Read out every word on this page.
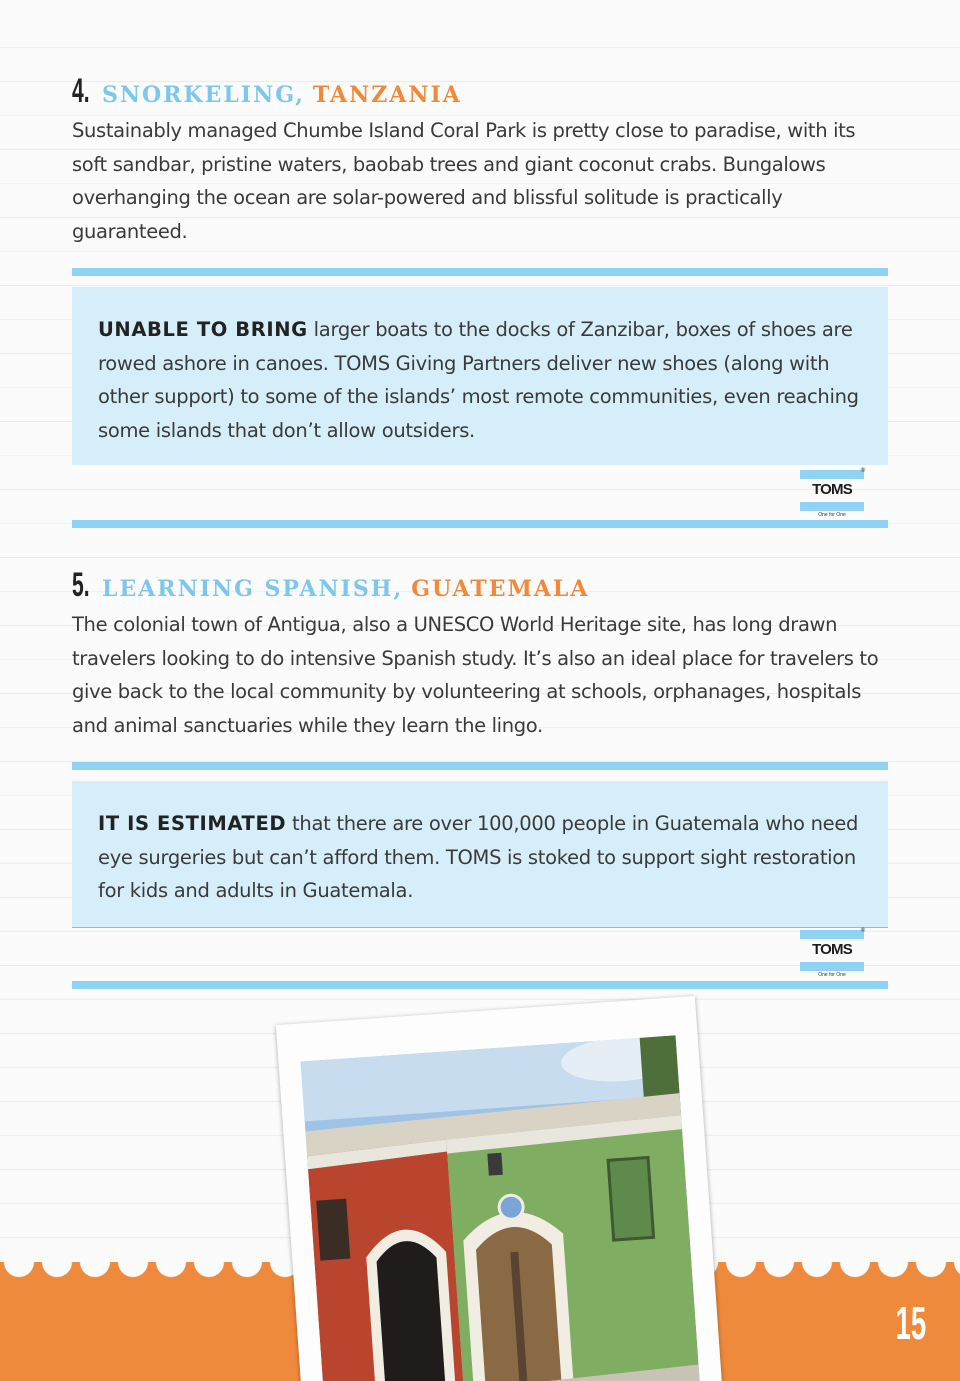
4. SNORKELING, TANZANIA

Sustainably managed Chumbe Island Coral Park is pretty close to paradise, with its soft sandbar, pristine waters, baobab trees and giant coconut crabs. Bungalows overhanging the ocean are solar-powered and blissful solitude is practically guaranteed.

UNABLE TO BRING larger boats to the docks of Zanzibar, boxes of shoes are rowed ashore in canoes. TOMS Giving Partners deliver new shoes (along with other support) to some of the islands’ most remote communities, even reaching some islands that don’t allow outsiders.

TOMS
®
One for One
5. LEARNING SPANISH, GUATEMALA

The colonial town of Antigua, also a UNESCO World Heritage site, has long drawn travelers looking to do intensive Spanish study. It’s also an ideal place for travelers to give back to the local community by volunteering at schools, orphanages, hospitals and animal sanctuaries while they learn the lingo.

IT IS ESTIMATED that there are over 100,000 people in Guatemala who need eye surgeries but can’t afford them. TOMS is stoked to support sight restoration for kids and adults in Guatemala.

TOMS
®
One for One
15
